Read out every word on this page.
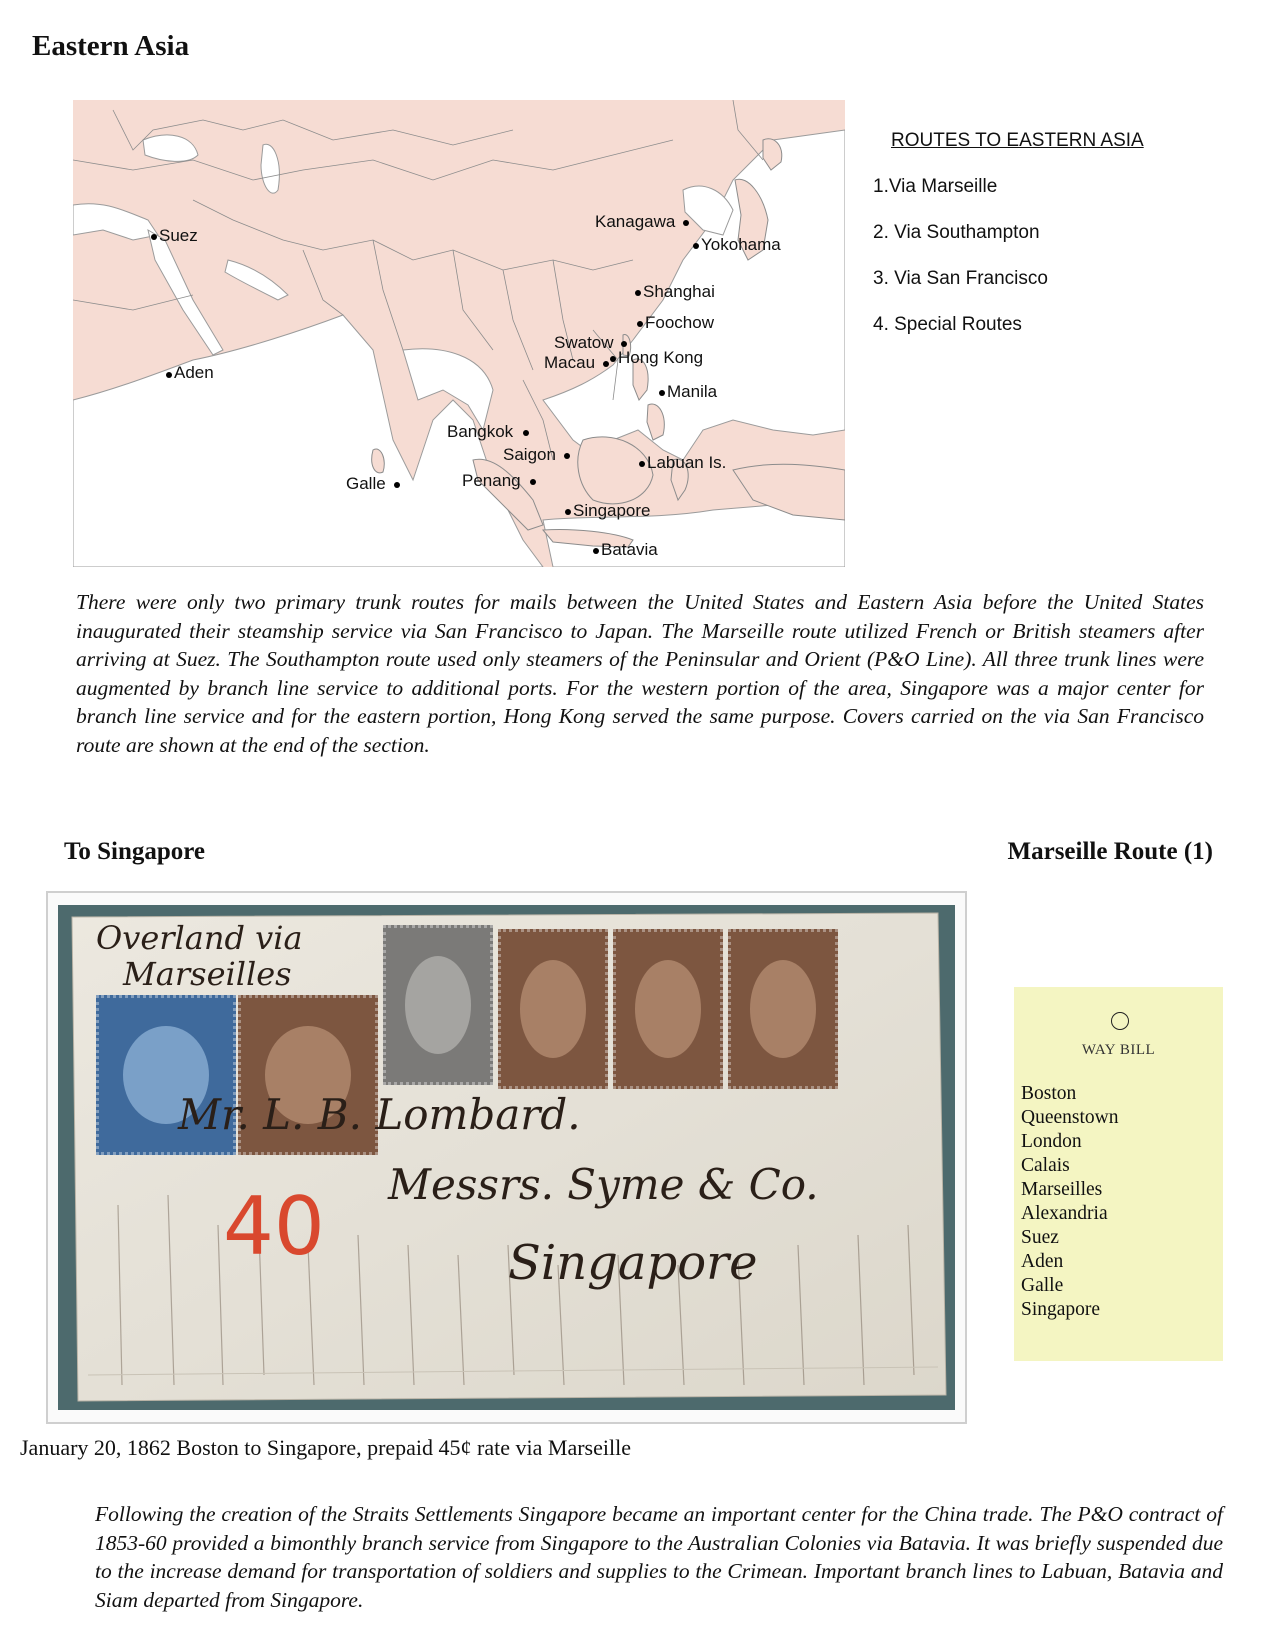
Eastern Asia
Suez
Aden
Galle
Kanagawa
Yokohama
Shanghai
Foochow
Swatow
Macau Hong Kong
Manila
Bangkok
Saigon	Labuan Is.
Penang
Singapore
Batavia
ROUTES TO EASTERN ASIA
1.Via Marseille
2. Via Southampton
3. Via San Francisco
4. Special Routes

There were only two primary trunk routes for mails between the United States and Eastern Asia before the United States inaugurated their steamship service via San Francisco to Japan. The Marseille route utilized French or British steamers after arriving at Suez. The Southampton route used only steamers of the Peninsular and Orient (P&O Line). All three trunk lines were augmented by branch line service to additional ports. For the western portion of the area, Singapore was a major center for branch line service and for the eastern portion, Hong Kong served the same purpose. Covers carried on the via San Francisco route are shown at the end of the section.

To Singapore	Marseille Route (1)
Overland via
Marseilles
Mr. L. B. Lombard.
Messrs. Syme & Co.
Singapore
40

January 20, 1862 Boston to Singapore, prepaid 45¢ rate via Marseille

WAY BILL
Boston
Queenstown
London
Calais
Marseilles
Alexandria
Suez
Aden
Galle
Singapore

Following the creation of the Straits Settlements Singapore became an important center for the China trade. The P&O contract of 1853-60 provided a bimonthly branch service from Singapore to the Australian Colonies via Batavia. It was briefly suspended due to the increase demand for transportation of soldiers and supplies to the Crimean. Important branch lines to Labuan, Batavia and Siam departed from Singapore.
